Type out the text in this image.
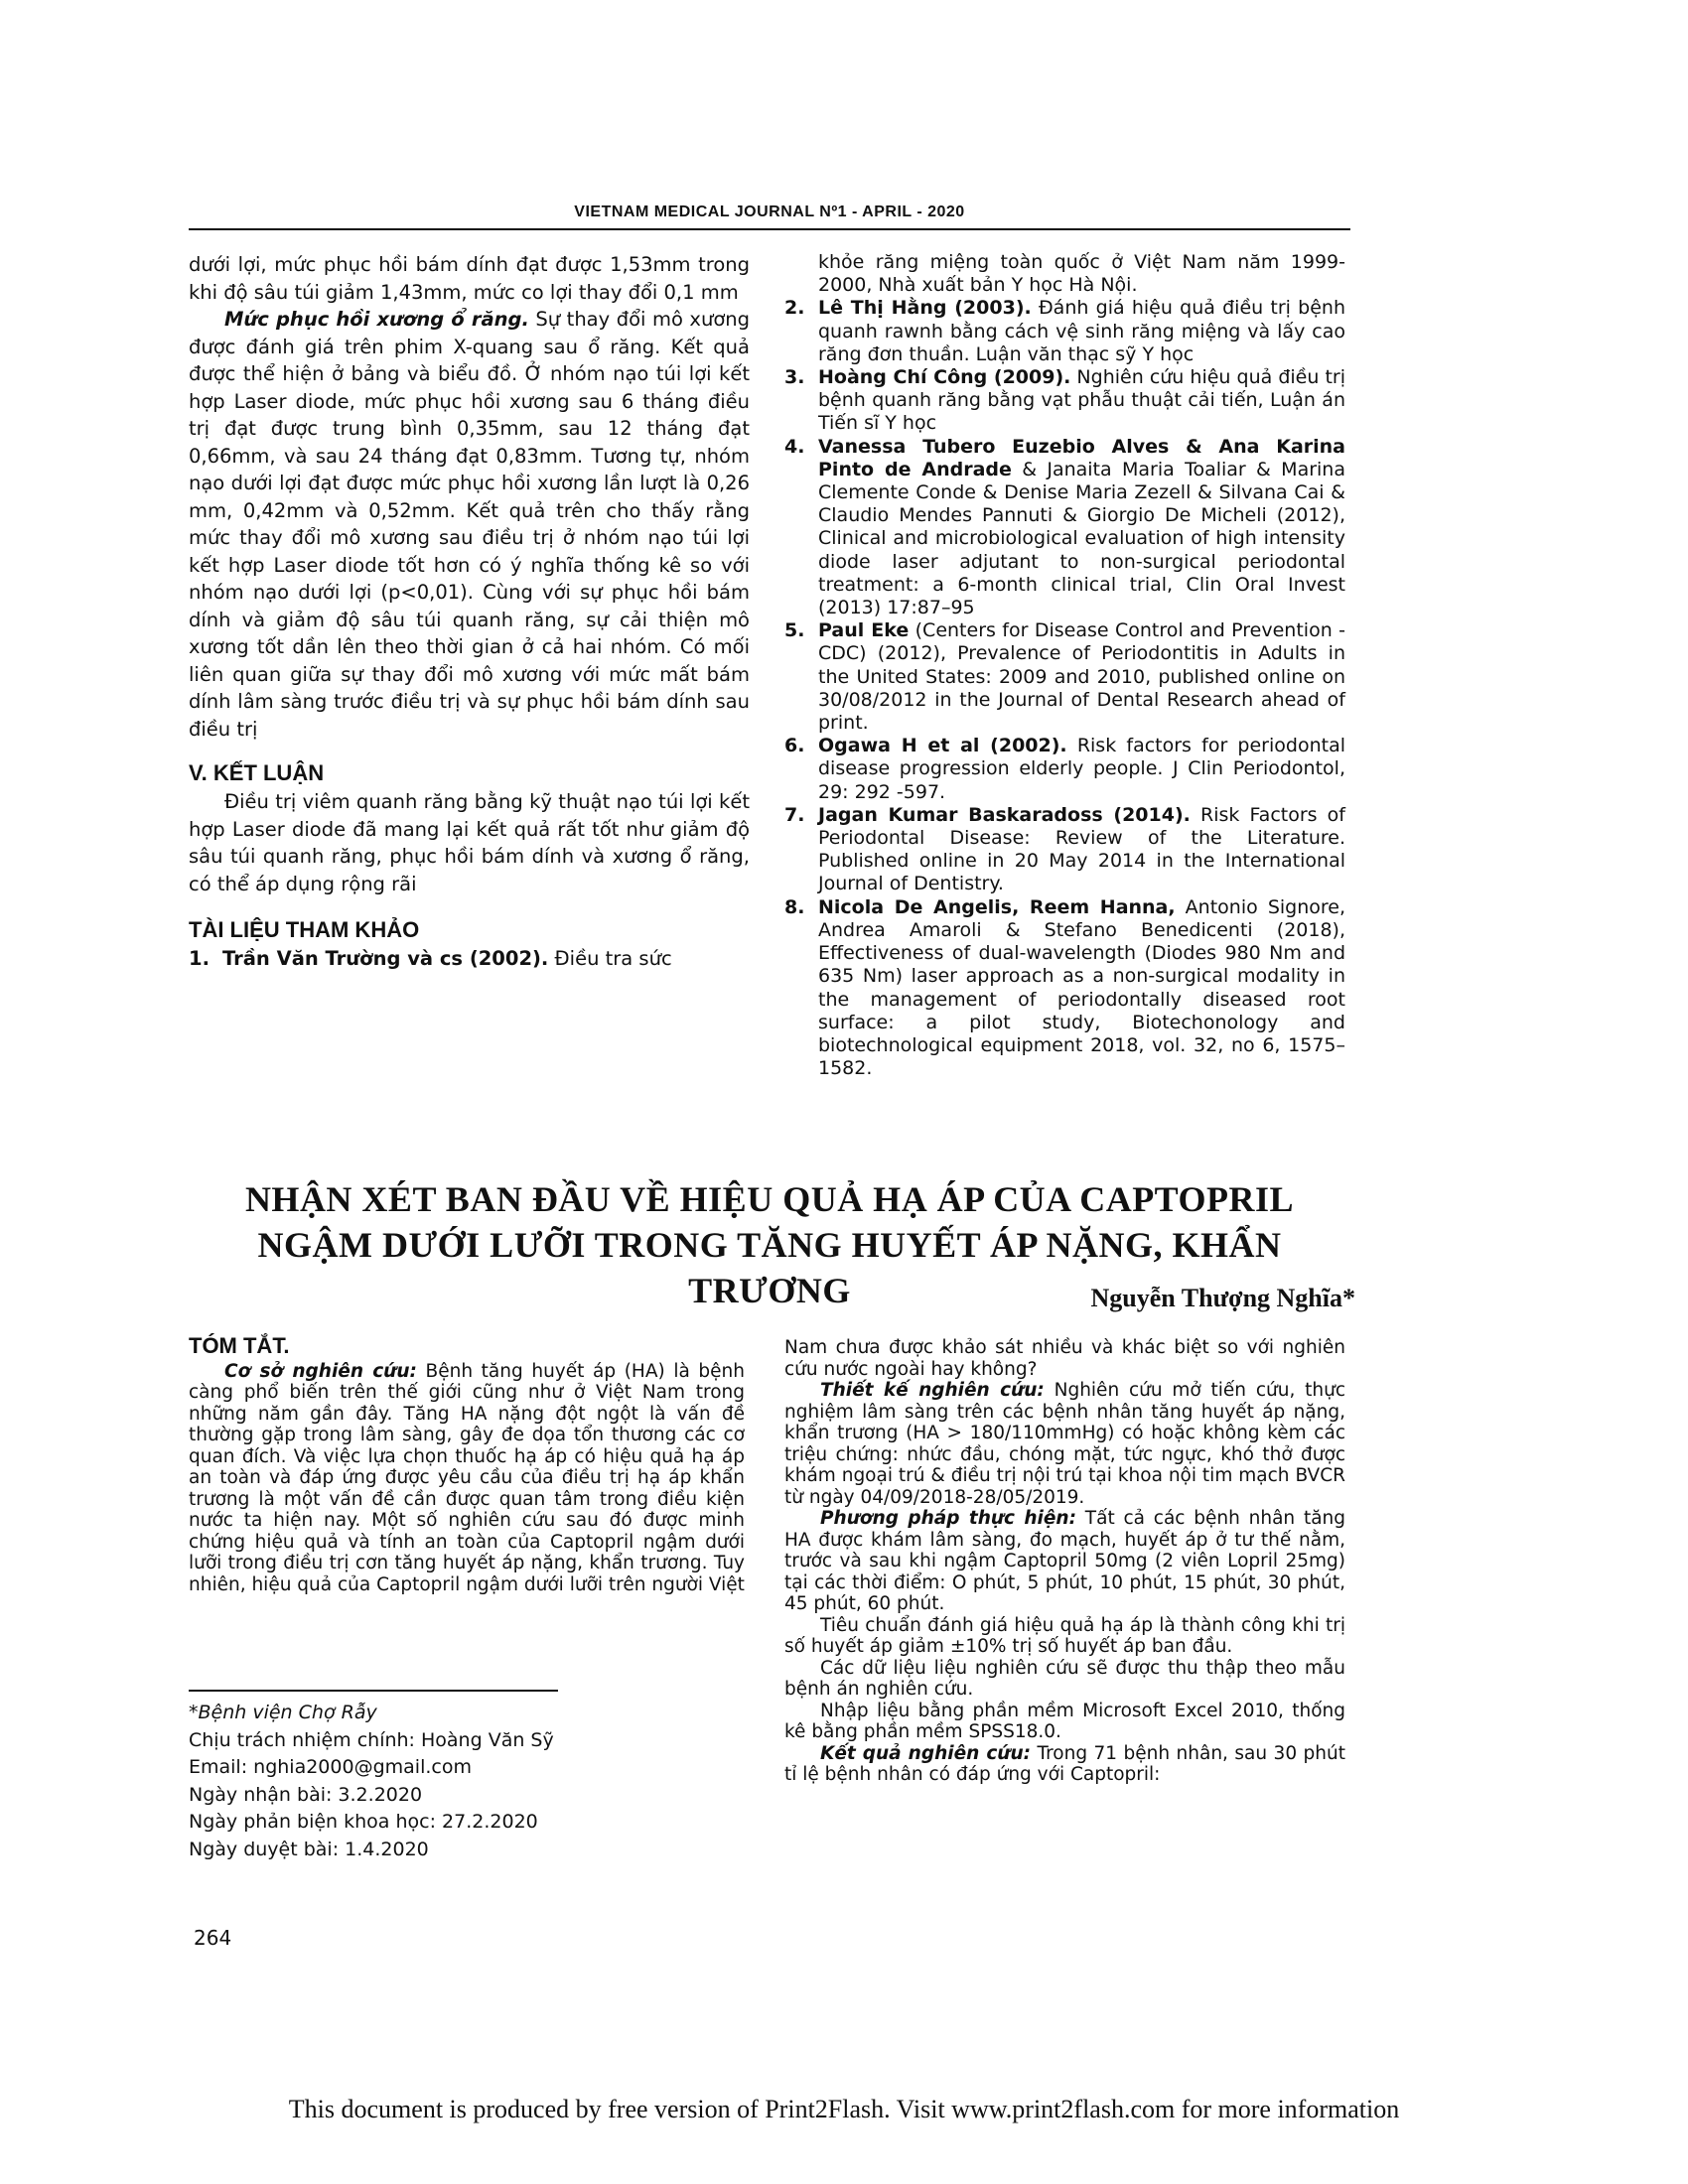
VIETNAM MEDICAL JOURNAL Nº1 - APRIL - 2020

dưới lợi, mức phục hồi bám dính đạt được 1,53mm trong khi độ sâu túi giảm 1,43mm, mức co lợi thay đổi 0,1 mm

Mức phục hồi xương ổ răng. Sự thay đổi mô xương được đánh giá trên phim X-quang sau ổ răng. Kết quả được thể hiện ở bảng và biểu đồ. Ở nhóm nạo túi lợi kết hợp Laser diode, mức phục hồi xương sau 6 tháng điều trị đạt được trung bình 0,35mm, sau 12 tháng đạt 0,66mm, và sau 24 tháng đạt 0,83mm. Tương tự, nhóm nạo dưới lợi đạt được mức phục hồi xương lần lượt là 0,26 mm, 0,42mm và 0,52mm. Kết quả trên cho thấy rằng mức thay đổi mô xương sau điều trị ở nhóm nạo túi lợi kết hợp Laser diode tốt hơn có ý nghĩa thống kê so với nhóm nạo dưới lợi (p<0,01). Cùng với sự phục hồi bám dính và giảm độ sâu túi quanh răng, sự cải thiện mô xương tốt dần lên theo thời gian ở cả hai nhóm. Có mối liên quan giữa sự thay đổi mô xương với mức mất bám dính lâm sàng trước điều trị và sự phục hồi bám dính sau điều trị

V. KẾT LUẬN

Điều trị viêm quanh răng bằng kỹ thuật nạo túi lợi kết hợp Laser diode đã mang lại kết quả rất tốt như giảm độ sâu túi quanh răng, phục hồi bám dính và xương ổ răng, có thể áp dụng rộng rãi

TÀI LIỆU THAM KHẢO

1. Trần Văn Trường và cs (2002). Điều tra sức

khỏe răng miệng toàn quốc ở Việt Nam năm 1999-2000, Nhà xuất bản Y học Hà Nội.

2. Lê Thị Hằng (2003). Đánh giá hiệu quả điều trị bệnh quanh rawnh bằng cách vệ sinh răng miệng và lấy cao răng đơn thuần. Luận văn thạc sỹ Y học
3. Hoàng Chí Công (2009). Nghiên cứu hiệu quả điều trị bệnh quanh răng bằng vạt phẫu thuật cải tiến, Luận án Tiến sĩ Y học
4. Vanessa Tubero Euzebio Alves & Ana Karina Pinto de Andrade & Janaita Maria Toaliar & Marina Clemente Conde & Denise Maria Zezell & Silvana Cai & Claudio Mendes Pannuti & Giorgio De Micheli (2012), Clinical and microbiological evaluation of high intensity diode laser adjutant to non-surgical periodontal treatment: a 6-month clinical trial, Clin Oral Invest (2013) 17:87–95
5. Paul Eke (Centers for Disease Control and Prevention - CDC) (2012), Prevalence of Periodontitis in Adults in the United States: 2009 and 2010, published online on 30/08/2012 in the Journal of Dental Research ahead of print.
6. Ogawa H et al (2002). Risk factors for periodontal disease progression elderly people. J Clin Periodontol, 29: 292 -597.
7. Jagan Kumar Baskaradoss (2014). Risk Factors of Periodontal Disease: Review of the Literature. Published online in 20 May 2014 in the International Journal of Dentistry.
8. Nicola De Angelis, Reem Hanna, Antonio Signore, Andrea Amaroli & Stefano Benedicenti (2018), Effectiveness of dual-wavelength (Diodes 980 Nm and 635 Nm) laser approach as a non-surgical modality in the management of periodontally diseased root surface: a pilot study, Biotechonology and biotechnological equipment 2018, vol. 32, no 6, 1575–1582.
NHẬN XÉT BAN ĐẦU VỀ HIỆU QUẢ HẠ ÁP CỦA CAPTOPRIL
NGẬM DƯỚI LƯỠI TRONG TĂNG HUYẾT ÁP NẶNG, KHẨN TRƯƠNG	Nguyễn Thượng Nghĩa*
TÓM TẮT.

Cơ sở nghiên cứu: Bệnh tăng huyết áp (HA) là bệnh càng phổ biến trên thế giới cũng như ở Việt Nam trong những năm gần đây. Tăng HA nặng đột ngột là vấn đề thường gặp trong lâm sàng, gây đe dọa tổn thương các cơ quan đích. Và việc lựa chọn thuốc hạ áp có hiệu quả hạ áp an toàn và đáp ứng được yêu cầu của điều trị hạ áp khẩn trương là một vấn đề cần được quan tâm trong điều kiện nước ta hiện nay. Một số nghiên cứu sau đó được minh chứng hiệu quả và tính an toàn của Captopril ngậm dưới lưỡi trong điều trị cơn tăng huyết áp nặng, khẩn trương. Tuy nhiên, hiệu quả của Captopril ngậm dưới lưỡi trên người Việt

*Bệnh viện Chợ Rẫy

Chịu trách nhiệm chính: Hoàng Văn Sỹ

Email: nghia2000@gmail.com

Ngày nhận bài: 3.2.2020

Ngày phản biện khoa học: 27.2.2020

Ngày duyệt bài: 1.4.2020

Nam chưa được khảo sát nhiều và khác biệt so với nghiên cứu nước ngoài hay không?

Thiết kế nghiên cứu: Nghiên cứu mở tiến cứu, thực nghiệm lâm sàng trên các bệnh nhân tăng huyết áp nặng, khẩn trương (HA > 180/110mmHg) có hoặc không kèm các triệu chứng: nhức đầu, chóng mặt, tức ngực, khó thở được khám ngoại trú & điều trị nội trú tại khoa nội tim mạch BVCR từ ngày 04/09/2018-28/05/2019.

Phương pháp thực hiện: Tất cả các bệnh nhân tăng HA được khám lâm sàng, đo mạch, huyết áp ở tư thế nằm, trước và sau khi ngậm Captopril 50mg (2 viên Lopril 25mg) tại các thời điểm: O phút, 5 phút, 10 phút, 15 phút, 30 phút, 45 phút, 60 phút.

Tiêu chuẩn đánh giá hiệu quả hạ áp là thành công khi trị số huyết áp giảm ±10% trị số huyết áp ban đầu.

Các dữ liệu liệu nghiên cứu sẽ được thu thập theo mẫu bệnh án nghiên cứu.

Nhập liệu bằng phần mềm Microsoft Excel 2010, thống kê bằng phần mềm SPSS18.0.

Kết quả nghiên cứu: Trong 71 bệnh nhân, sau 30 phút tỉ lệ bệnh nhân có đáp ứng với Captopril:

264
This document is produced by free version of Print2Flash. Visit www.print2flash.com for more information
